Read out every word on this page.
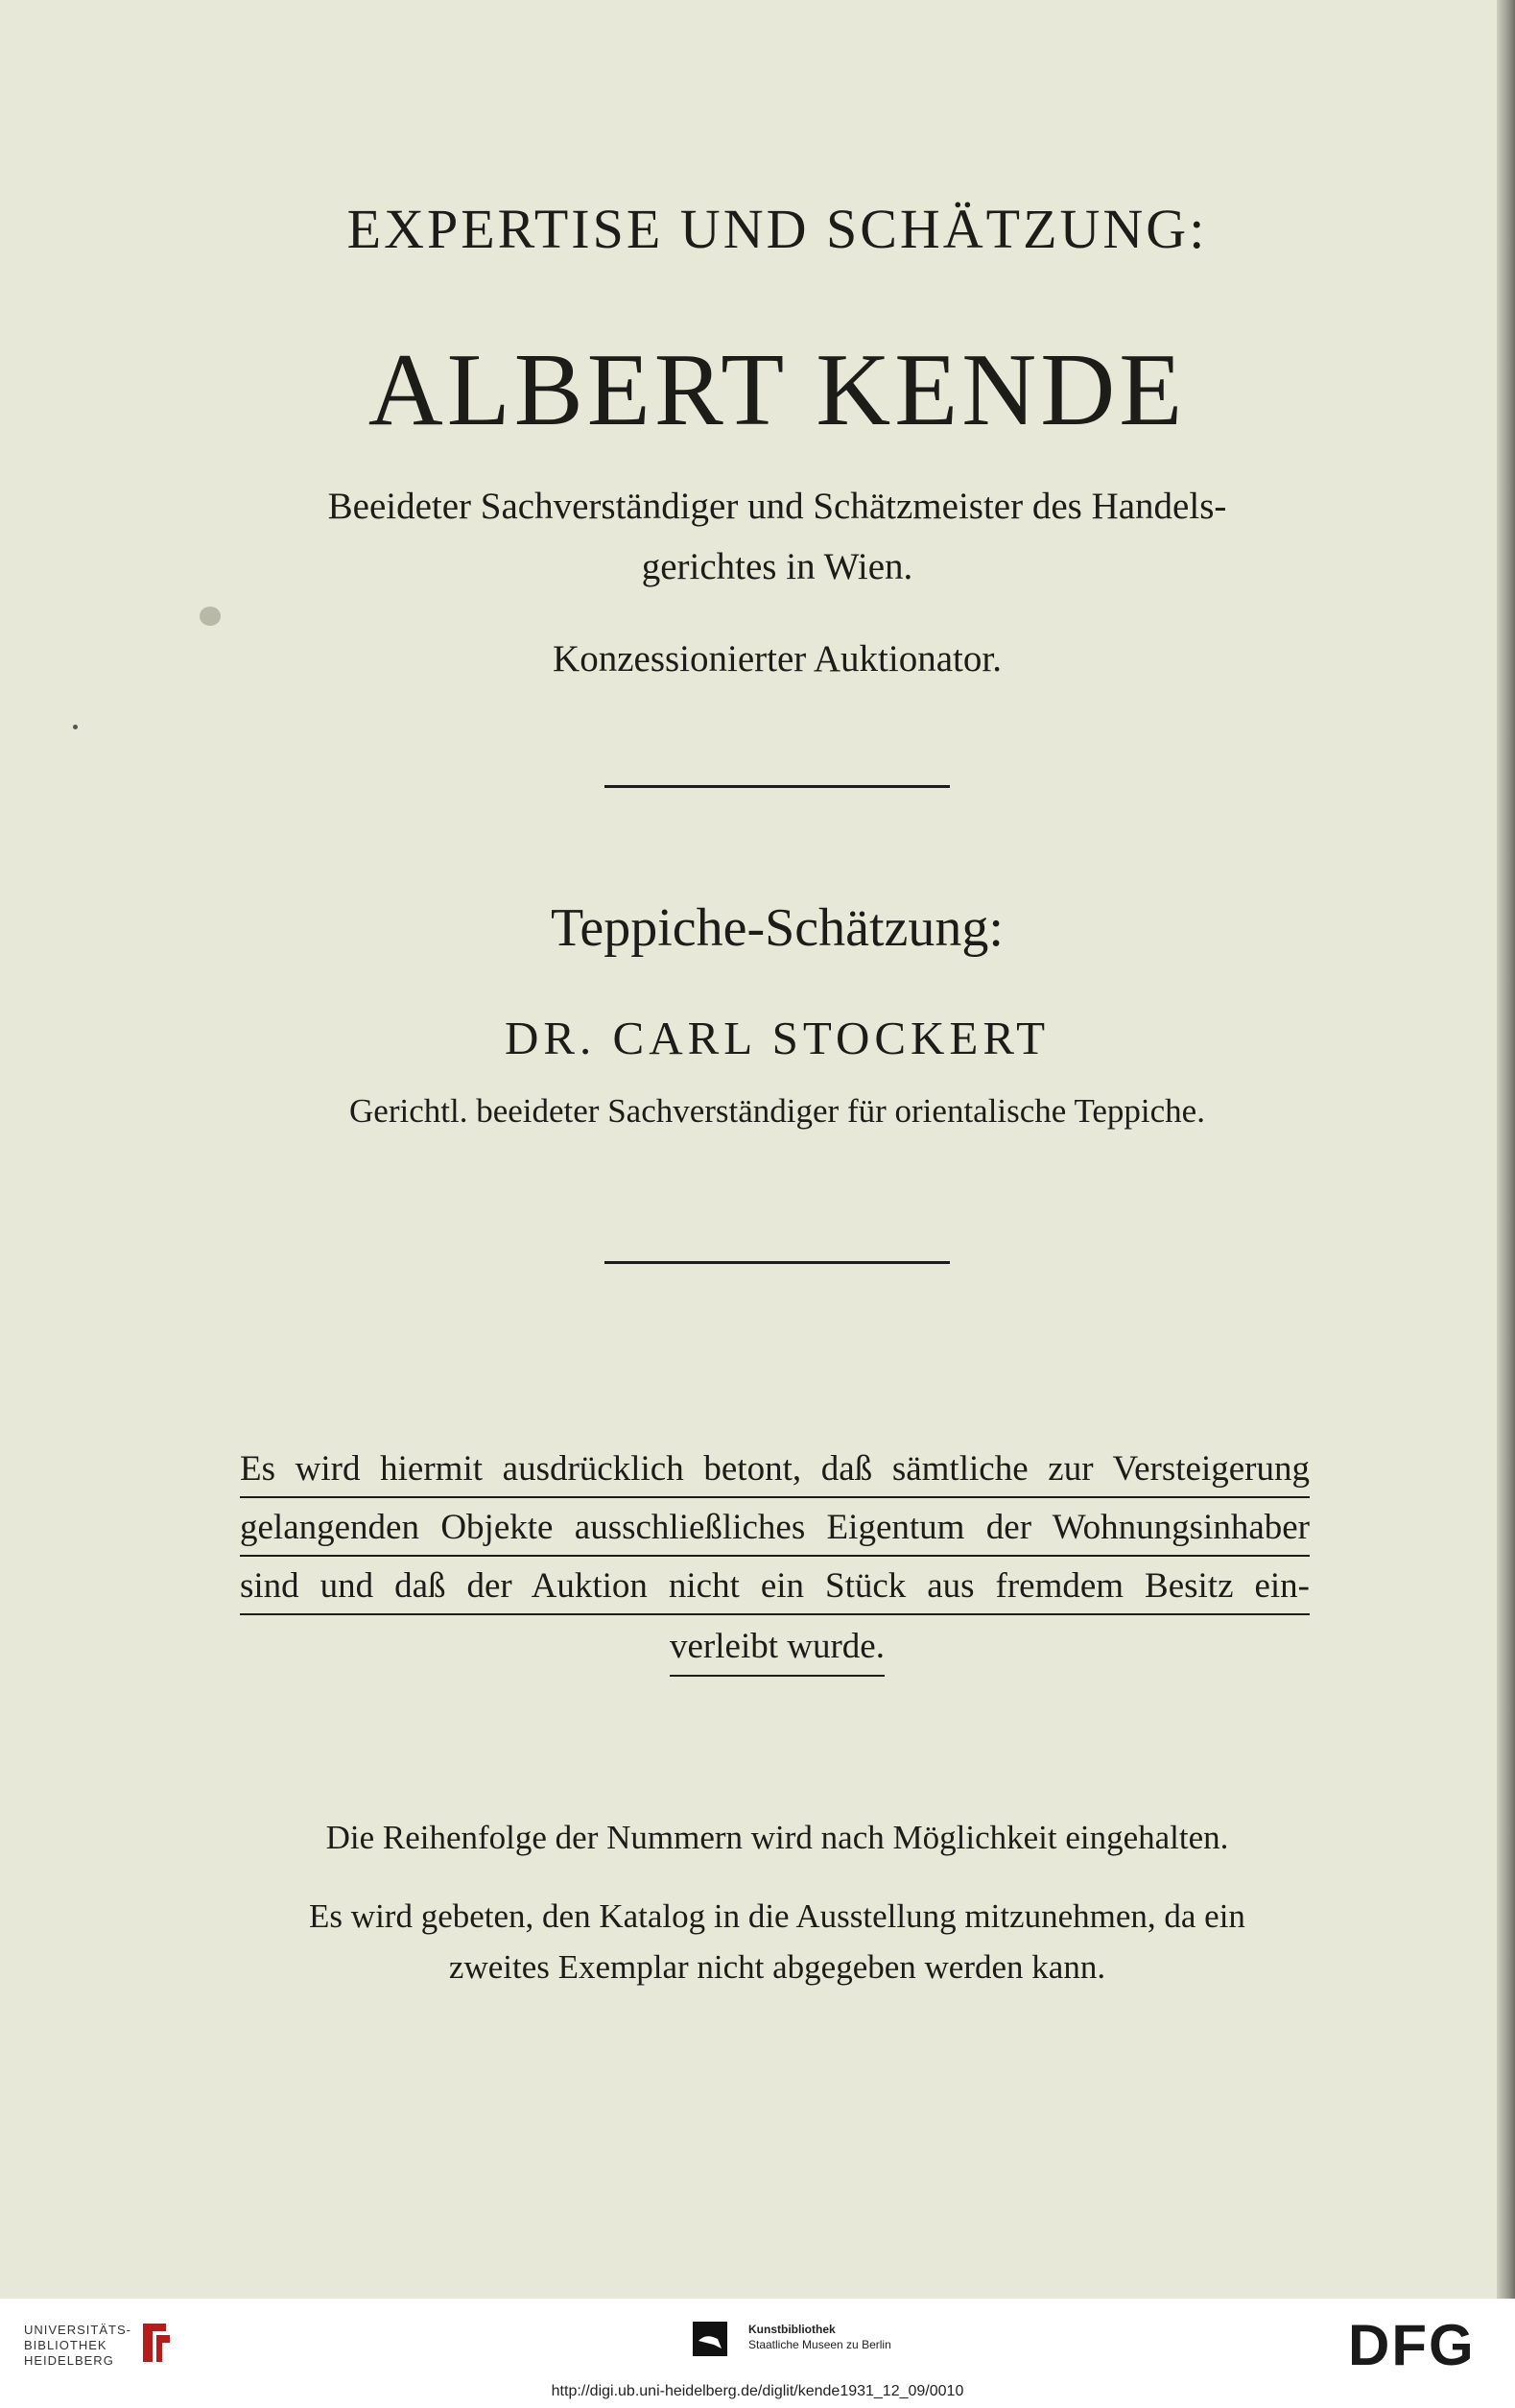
EXPERTISE UND SCHÄTZUNG:
ALBERT KENDE
Beeideter Sachverständiger und Schätzmeister des Handels-
gerichtes in Wien.
Konzessionierter Auktionator.
Teppiche-Schätzung:
DR. CARL STOCKERT
Gerichtl. beeideter Sachverständiger für orientalische Teppiche.
Es wird hiermit ausdrücklich betont, daß sämtliche zur Versteigerung
gelangenden Objekte ausschließliches Eigentum der Wohnungsinhaber
sind und daß der Auktion nicht ein Stück aus fremdem Besitz ein-
verleibt wurde.
Die Reihenfolge der Nummern wird nach Möglichkeit eingehalten.
Es wird gebeten, den Katalog in die Ausstellung mitzunehmen, da ein
zweites Exemplar nicht abgegeben werden kann.
UNIVERSITÄTS-
BIBLIOTHEK
HEIDELBERG
Kunstbibliothek
Staatliche Museen zu Berlin	DFG
http://digi.ub.uni-heidelberg.de/diglit/kende1931_12_09/0010
